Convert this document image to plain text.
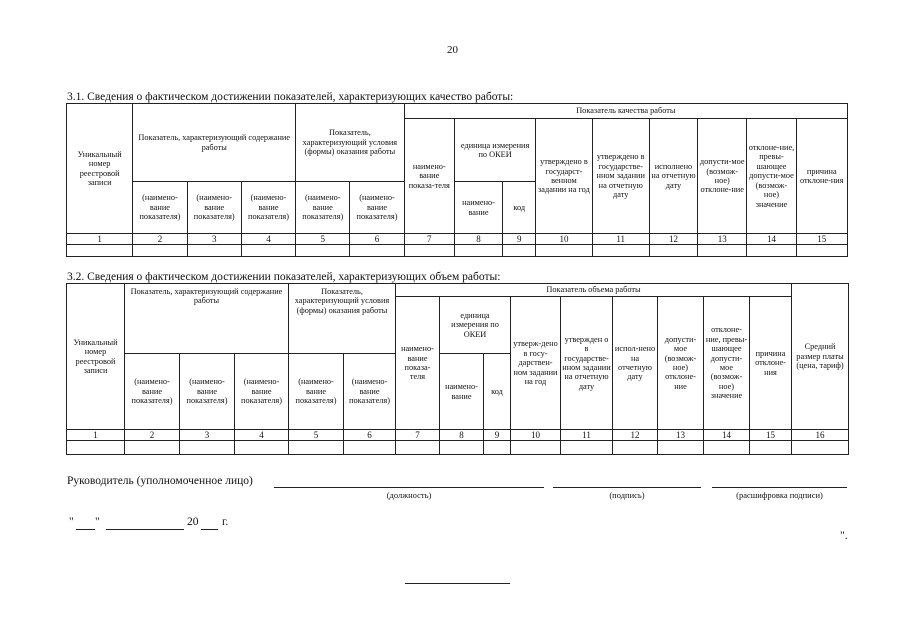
20
3.1. Сведения о фактическом достижении показателей, характеризующих качество работы:
Уникальный номер реестровой записи	Показатель, характеризующий содержание работы			Показатель, характеризующий условия (формы) оказания работы		Показатель качества работы								
						наимено-вание показа-теля	единица измерения по ОКЕИ		утверждено в государст-венном задании на год	утверждено в государстве-нном задании на отчетную дату	исполнено на отчетную дату	допусти-мое (возмож-ное) отклоне-ние	отклоне-ние, превы-шающее допусти-мое (возмож-ное) значение	причина отклоне-ния
	(наимено-вание показателя)	(наимено-вание показателя)	(наимено-вание показателя)	(наимено-вание показателя)	(наимено-вание показателя)		наимено-вание	код						

1	2	3	4	5	6	7	8	9	10	11	12	13	14	15

3.2. Сведения о фактическом достижении показателей, характеризующих объем работы:
Уникальный номер реестровой записи	Показатель, характеризующий содержание работы			Показатель, характеризующий условия (формы) оказания работы		Показатель объема работы									Средний размер платы (цена, тариф)
						наимено-вание показа-теля	единица измерения по ОКЕИ		утверж-дено в госу-дарствен-ном задании на год	утвержден о в государстве-нном задании на отчетную дату	испол-нено на отчетную дату	допусти-мое (возмож-ное) отклоне-ние	отклоне-ние, превы-шающее допусти-мое (возмож-ное) значение	причина отклоне-ния	
	(наимено-вание показателя)	(наимено-вание показателя)	(наимено-вание показателя)	(наимено-вание показателя)	(наимено-вание показателя)		наимено-вание	код							

1	2	3	4	5	6	7	8	9	10	11	12	13	14	15	16

Руководитель (уполномоченное лицо)
(должность)	(подпись)	(расшифровка подписи)
" "	20 г.
".
